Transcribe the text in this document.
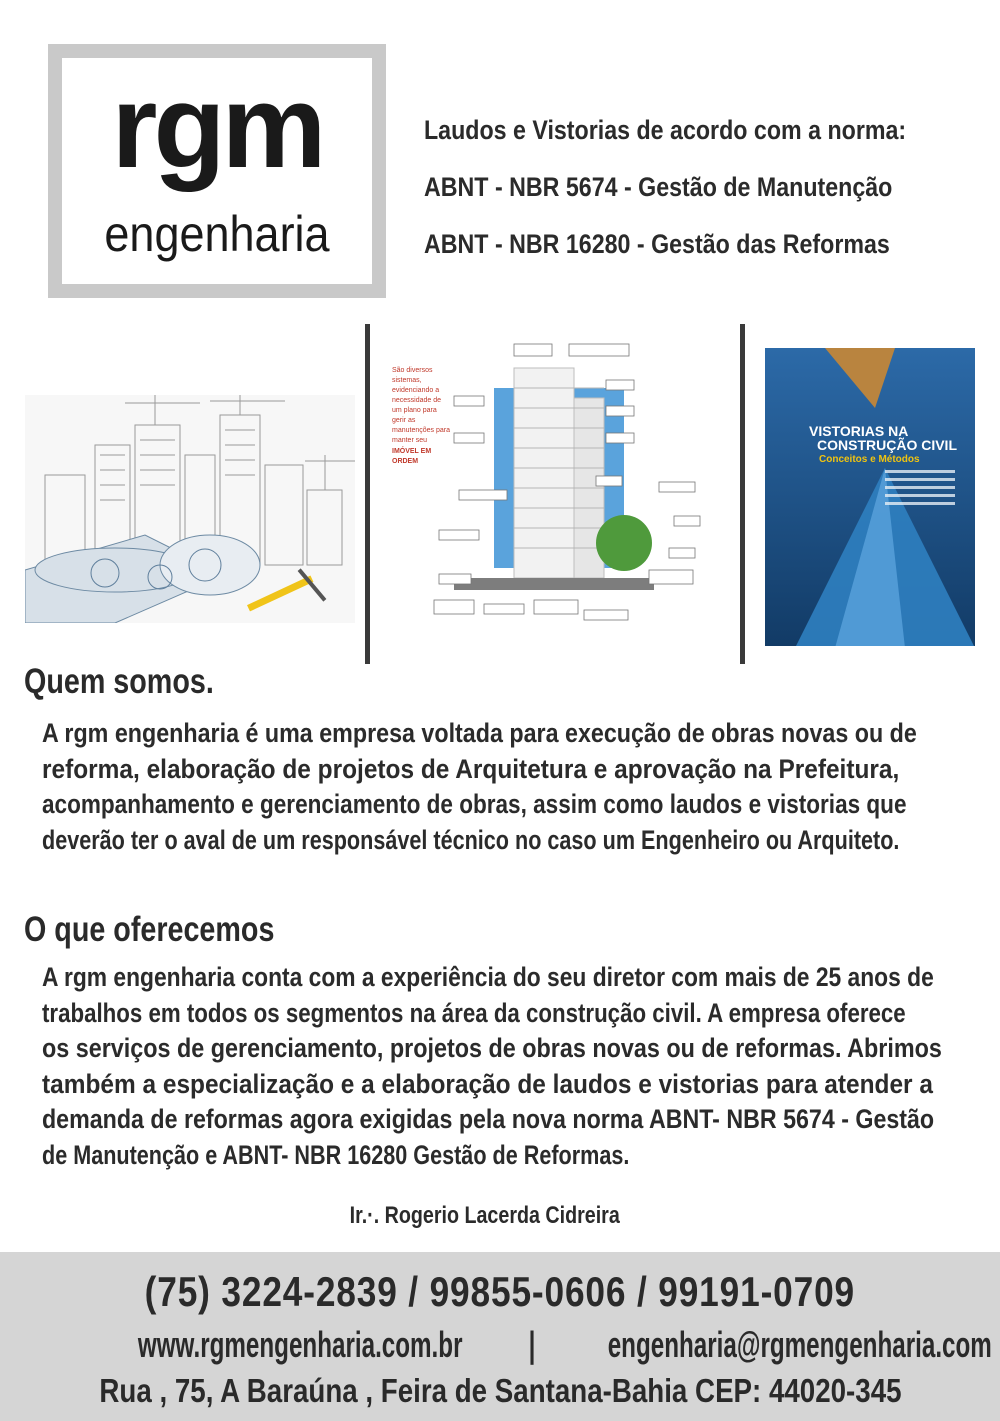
rgm
engenharia
Laudos e Vistorias de acordo com a norma:
ABNT - NBR 5674 - Gestão de Manutenção
ABNT - NBR 16280 - Gestão das Reformas
São diversos
sistemas,
evidenciando a
necessidade de
um plano para
gerir as
manutenções para
manter seu
IMÓVEL EM
ORDEM
VISTORIAS NA
CONSTRUÇÃO CIVIL
Conceitos e Métodos
Quem somos.
A rgm engenharia é uma empresa voltada para execução de obras novas ou de
reforma, elaboração de projetos de Arquitetura e aprovação na Prefeitura,
acompanhamento e gerenciamento de obras, assim como laudos e vistorias que
deverão ter o aval de um responsável técnico no caso um Engenheiro ou Arquiteto.
O que oferecemos
A rgm engenharia conta com a experiência do seu diretor com mais de 25 anos de
trabalhos em todos os segmentos na área da construção civil. A empresa oferece
os serviços de gerenciamento, projetos de obras novas ou de reformas. Abrimos
também a especialização e a elaboração de laudos e vistorias para atender a
demanda de reformas agora exigidas pela nova norma ABNT- NBR 5674 - Gestão
de Manutenção e ABNT- NBR 16280 Gestão de Reformas.
Ir.·. Rogerio Lacerda Cidreira
(75) 3224-2839 / 99855-0606 / 99191-0709
www.rgmengenharia.com.br | engenharia@rgmengenharia.com
Rua , 75, A Baraúna , Feira de Santana-Bahia CEP: 44020-345
